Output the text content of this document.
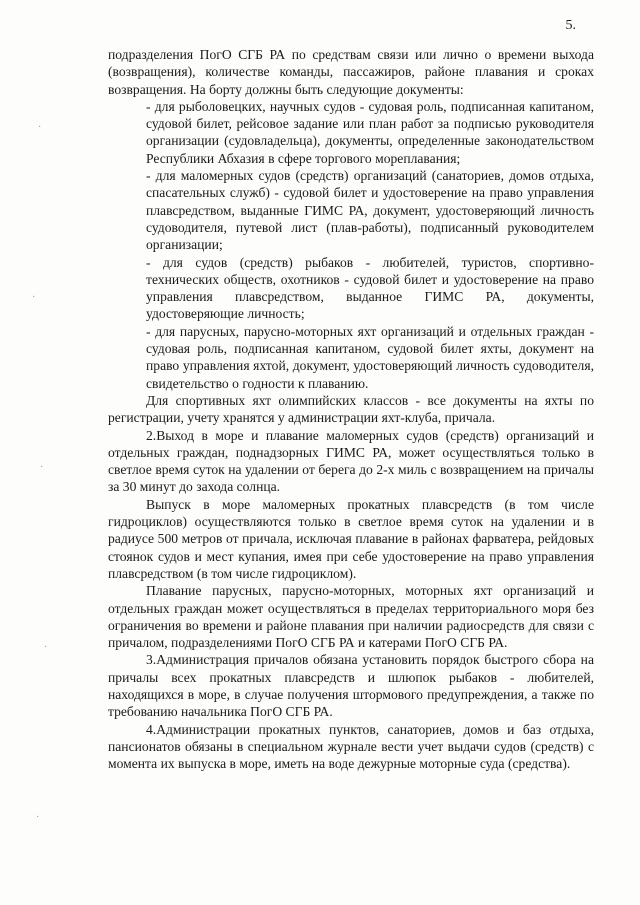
5.
·
·
·
·
·

подразделения ПогО СГБ РА по средствам связи или лично о времени выхода (возвращения), количестве команды, пассажиров, районе плавания и сроках возвращения. На борту должны быть следующие документы:

- для рыболовецких, научных судов - судовая роль, подписанная капитаном, судовой билет, рейсовое задание или план работ за подписью руководителя организации (судовладельца), документы, определенные законодательством Республики Абхазия в сфере торгового мореплавания;

- для маломерных судов (средств) организаций (санаториев, домов отдыха, спасательных служб) - судовой билет и удостоверение на право управления плавсредством, выданные ГИМС РА, документ, удостоверяющий личность судоводителя, путевой лист (плав-работы), подписанный руководителем организации;

- для судов (средств) рыбаков - любителей, туристов, спортивно-технических обществ, охотников - судовой билет и удостоверение на право управления плавсредством, выданное ГИМС РА, документы, удостоверяющие личность;

- для парусных, парусно-моторных яхт организаций и отдельных граждан - судовая роль, подписанная капитаном, судовой билет яхты, документ на право управления яхтой, документ, удостоверяющий личность судоводителя, свидетельство о годности к плаванию.

Для спортивных яхт олимпийских классов - все документы на яхты по регистрации, учету хранятся у администрации яхт-клуба, причала.

2.Выход в море и плавание маломерных судов (средств) организаций и отдельных граждан, поднадзорных ГИМС РА, может осуществляться только в светлое время суток на удалении от берега до 2-х миль с возвращением на причалы за 30 минут до захода солнца.

Выпуск в море маломерных прокатных плавсредств (в том числе гидроциклов) осуществляются только в светлое время суток на удалении и в радиусе 500 метров от причала, исключая плавание в районах фарватера, рейдовых стоянок судов и мест купания, имея при себе удостоверение на право управления плавсредством (в том числе гидроциклом).

Плавание парусных, парусно-моторных, моторных яхт организаций и отдельных граждан может осуществляться в пределах территориального моря без ограничения во времени и районе плавания при наличии радиосредств для связи с причалом, подразделениями ПогО СГБ РА и катерами ПогО СГБ РА.

3.Администрация причалов обязана установить порядок быстрого сбора на причалы всех прокатных плавсредств и шлюпок рыбаков - любителей, находящихся в море, в случае получения штормового предупреждения, а также по требованию начальника ПогО СГБ РА.

4.Администрации прокатных пунктов, санаториев, домов и баз отдыха, пансионатов обязаны в специальном журнале вести учет выдачи судов (средств) с момента их выпуска в море, иметь на воде дежурные моторные суда (средства).
